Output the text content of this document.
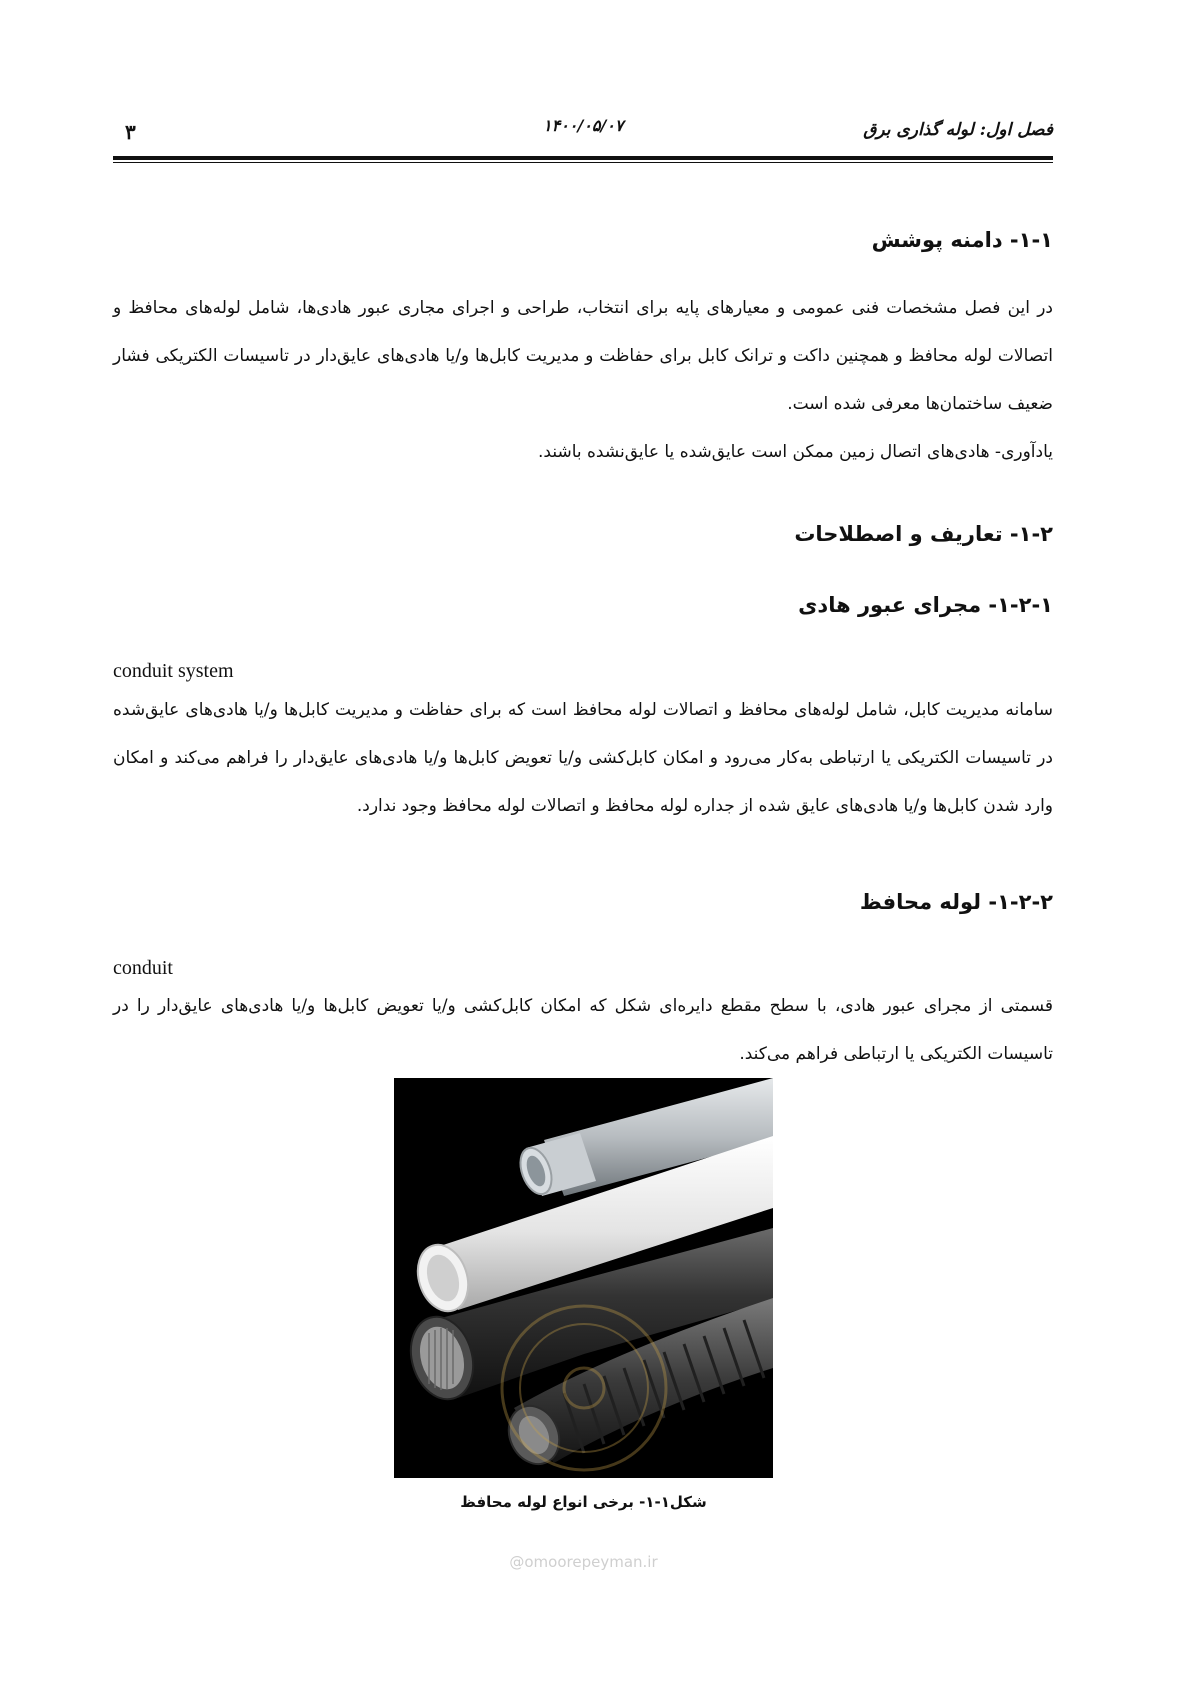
فصل اول: لوله گذاری برق
۱۴۰۰/۰۵/۰۷
۳
۱-۱- دامنه پوشش
در این فصل مشخصات فنی عمومی و معیارهای پایه برای انتخاب، طراحی و اجرای مجاری عبور هادی‌ها، شامل لوله‌های محافظ و اتصالات لوله محافظ و همچنین داکت و ترانک کابل برای حفاظت و مدیریت کابل‌ها و/یا هادی‌های عایق‌دار در تاسیسات الکتریکی فشار ضعیف ساختمان‌ها معرفی شده است.
یادآوری- هادی‌های اتصال زمین ممکن است عایق‌شده یا عایق‌نشده باشند.
۱-۲- تعاریف و اصطلاحات
۱-۲-۱- مجرای عبور هادی
conduit system
سامانه مدیریت کابل، شامل لوله‌های محافظ و اتصالات لوله محافظ است که برای حفاظت و مدیریت کابل‌ها و/یا هادی‌های عایق‌شده در تاسیسات الکتریکی یا ارتباطی به‌کار می‌رود و امکان کابل‌کشی و/یا تعویض کابل‌ها و/یا هادی‌های عایق‌دار را فراهم می‌کند و امکان وارد شدن کابل‌ها و/یا هادی‌های عایق شده از جداره لوله محافظ و اتصالات لوله محافظ وجود ندارد.
۱-۲-۲- لوله محافظ
conduit
قسمتی از مجرای عبور هادی، با سطح مقطع دایره‌ای شکل که امکان کابل‌کشی و/یا تعویض کابل‌ها و/یا هادی‌های عایق‌دار را در تاسیسات الکتریکی یا ارتباطی فراهم می‌کند.
شکل۱-۱- برخی انواع لوله محافظ
@omoorepeyman.ir
